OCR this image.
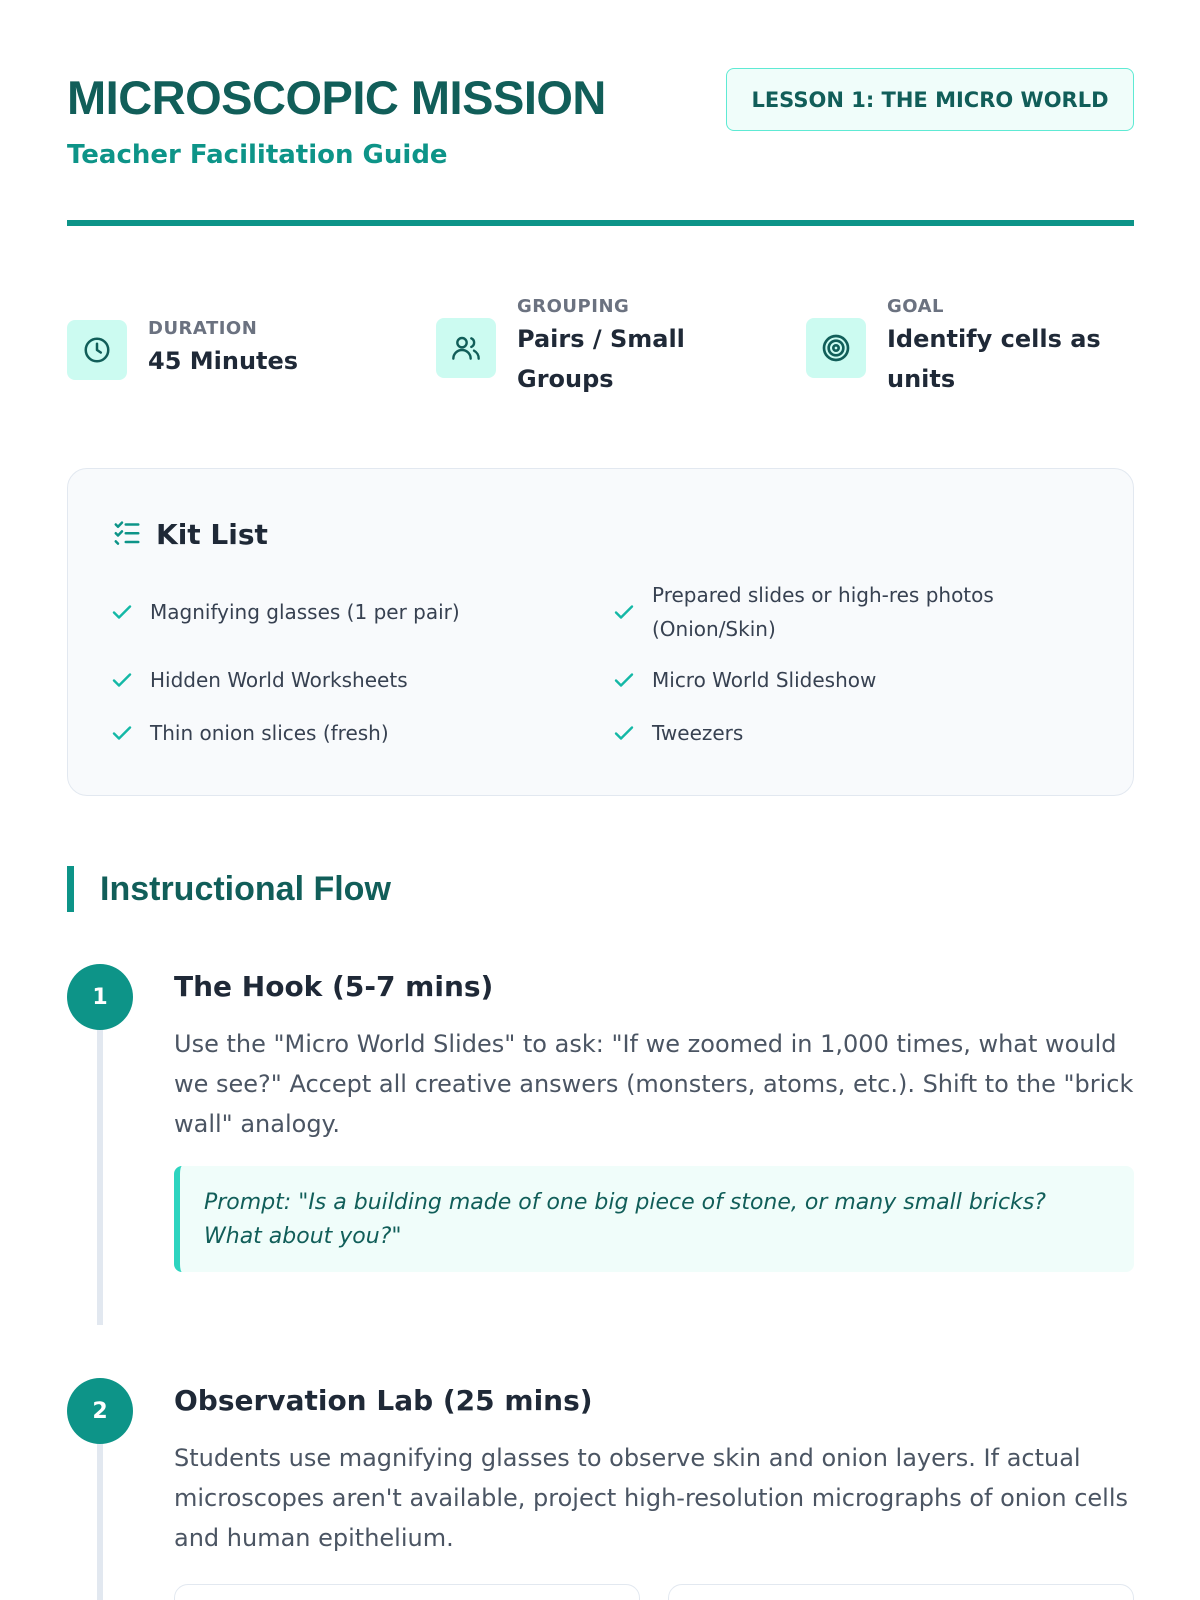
MICROSCOPIC MISSION
Teacher Facilitation Guide
LESSON 1: THE MICRO WORLD
DURATION
45 Minutes
GROUPING
Pairs / Small Groups
GOAL
Identify cells as units
Kit List
Magnifying glasses (1 per pair)
Prepared slides or high-res photos (Onion/Skin)
Hidden World Worksheets	Micro World Slideshow
Thin onion slices (fresh)	Tweezers
Instructional Flow
1	The Hook (5-7 mins)
Use the "Micro World Slides" to ask: "If we zoomed in 1,000 times, what would we see?" Accept all creative answers (monsters, atoms, etc.). Shift to the "brick wall" analogy.
Prompt: "Is a building made of one big piece of stone, or many small bricks? What about you?"
2	Observation Lab (25 mins)
Students use magnifying glasses to observe skin and onion layers. If actual microscopes aren't available, project high-resolution micrographs of onion cells and human epithelium.
